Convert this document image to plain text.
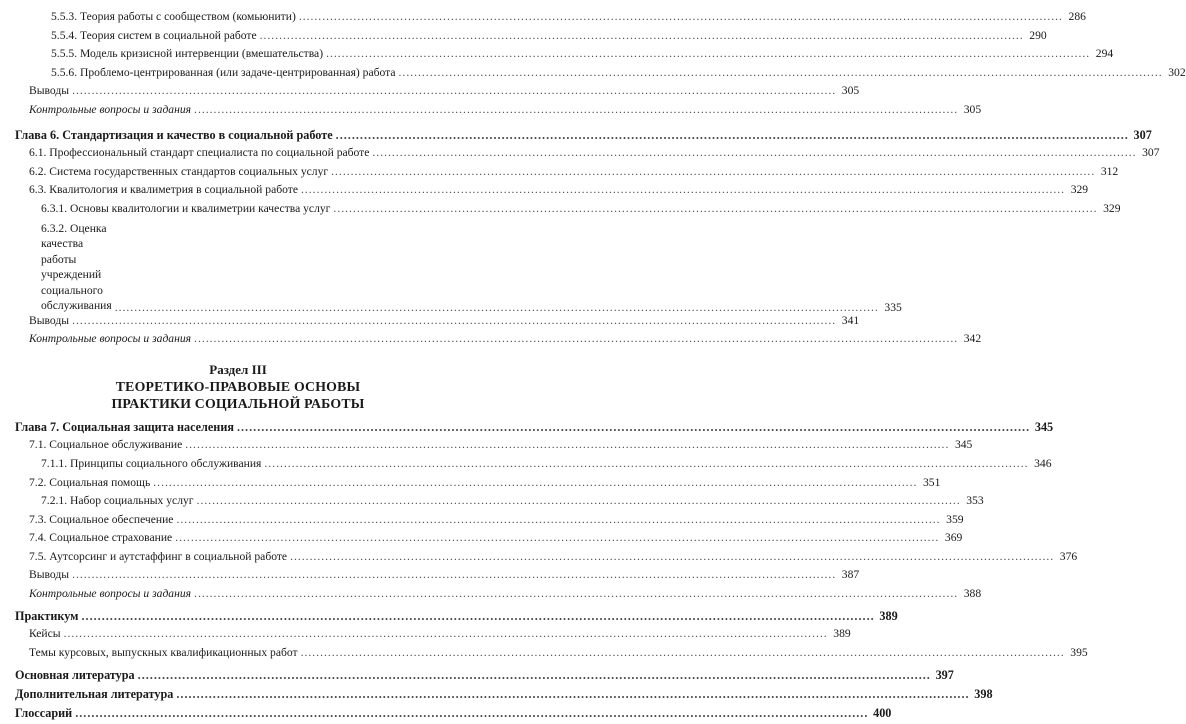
5.5.3. Теория работы с сообществом (комьюнити) .....	286
5.5.4. Теория систем в социальной работе .....	290
5.5.5. Модель кризисной интервенции (вмешательства) .....	294
5.5.6. Проблемо-центрированная (или задаче-центрированная) работа .....	302
Выводы .....	305
Контрольные вопросы и задания .....	305
Глава 6. Стандартизация и качество в социальной работе .....	307
6.1. Профессиональный стандарт специалиста по социальной работе .....	307
6.2. Система государственных стандартов социальных услуг .....	312
6.3. Квалитология и квалиметрия в социальной работе .....	329
6.3.1. Основы квалитологии и квалиметрии качества услуг .....	329
6.3.2. Оценка качества работы учреждений социального обслуживания .....	335
Выводы .....	341
Контрольные вопросы и задания .....	342
Раздел III
ТЕОРЕТИКО-ПРАВОВЫЕ ОСНОВЫ
ПРАКТИКИ СОЦИАЛЬНОЙ РАБОТЫ
Глава 7. Социальная защита населения .....	345
7.1. Социальное обслуживание .....	345
7.1.1. Принципы социального обслуживания .....	346
7.2. Социальная помощь .....	351
7.2.1. Набор социальных услуг .....	353
7.3. Социальное обеспечение .....	359
7.4. Социальное страхование .....	369
7.5. Аутсорсинг и аутстаффинг в социальной работе .....	376
Выводы .....	387
Контрольные вопросы и задания .....	388
Практикум .....	389
Кейсы .....	389
Темы курсовых, выпускных квалификационных работ .....	395
Основная литература .....	397
Дополнительная литература .....	398
Глоссарий .....	400
